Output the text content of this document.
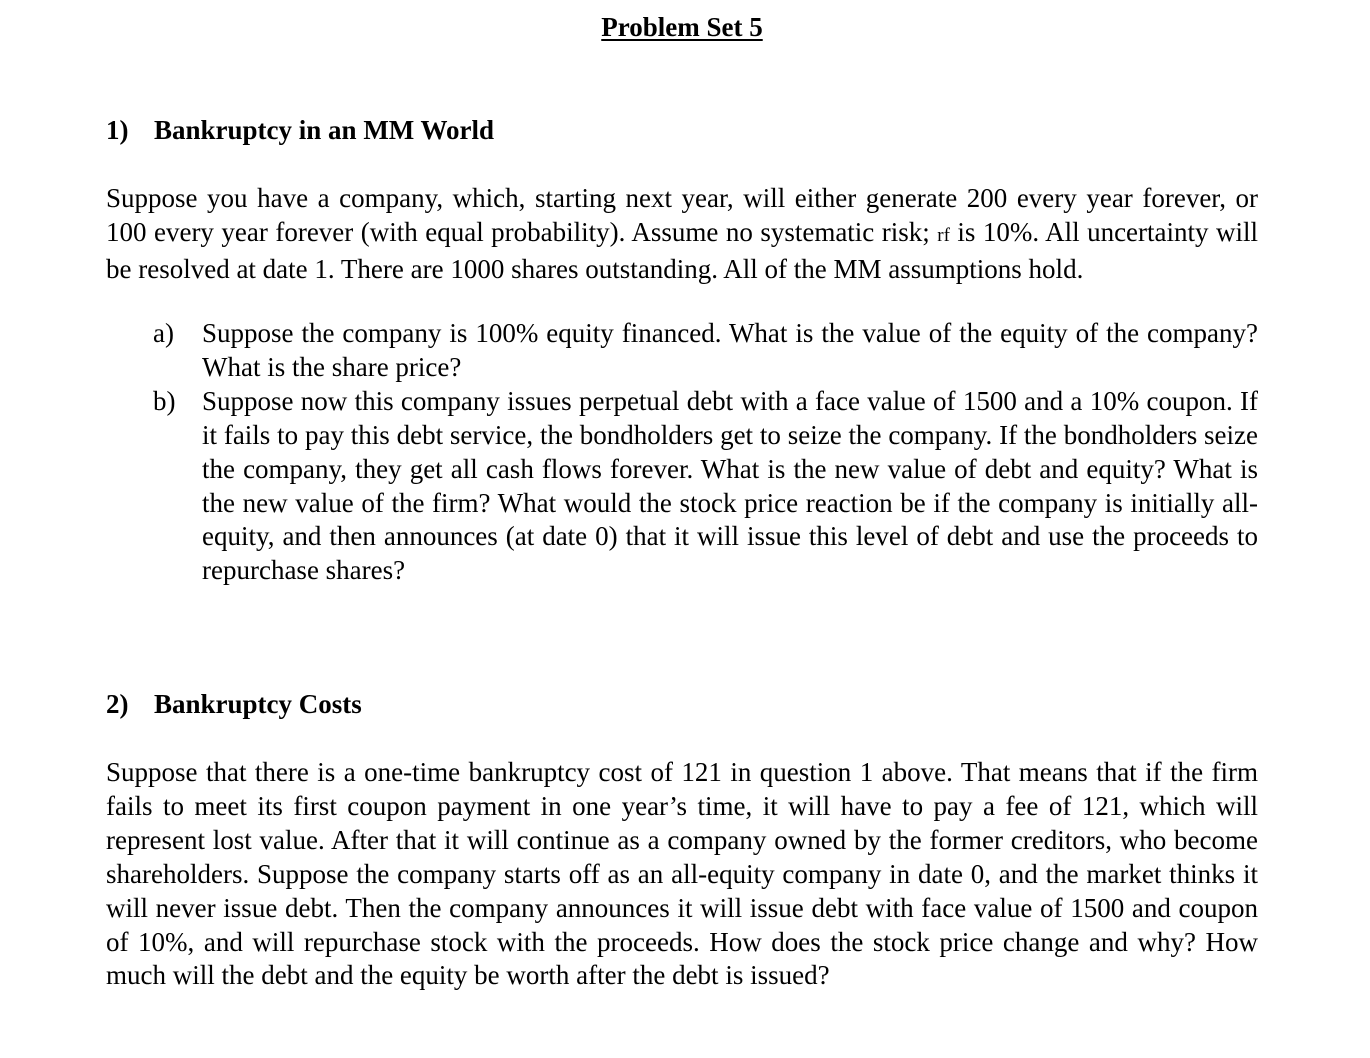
Problem Set 5
1) Bankruptcy in an MM World

Suppose you have a company, which, starting next year, will either generate 200 every year forever, or 100 every year forever (with equal probability). Assume no systematic risk; rf is 10%. All uncertainty will be resolved at date 1. There are 1000 shares outstanding. All of the MM assumptions hold.

a) Suppose the company is 100% equity financed. What is the value of the equity of the company? What is the share price?
b) Suppose now this company issues perpetual debt with a face value of 1500 and a 10% coupon. If it fails to pay this debt service, the bondholders get to seize the company. If the bondholders seize the company, they get all cash flows forever. What is the new value of debt and equity? What is the new value of the firm? What would the stock price reaction be if the company is initially all-equity, and then announces (at date 0) that it will issue this level of debt and use the proceeds to repurchase shares?
2) Bankruptcy Costs

Suppose that there is a one-time bankruptcy cost of 121 in question 1 above. That means that if the firm fails to meet its first coupon payment in one year’s time, it will have to pay a fee of 121, which will represent lost value. After that it will continue as a company owned by the former creditors, who become shareholders. Suppose the company starts off as an all-equity company in date 0, and the market thinks it will never issue debt. Then the company announces it will issue debt with face value of 1500 and coupon of 10%, and will repurchase stock with the proceeds. How does the stock price change and why? How much will the debt and the equity be worth after the debt is issued?
